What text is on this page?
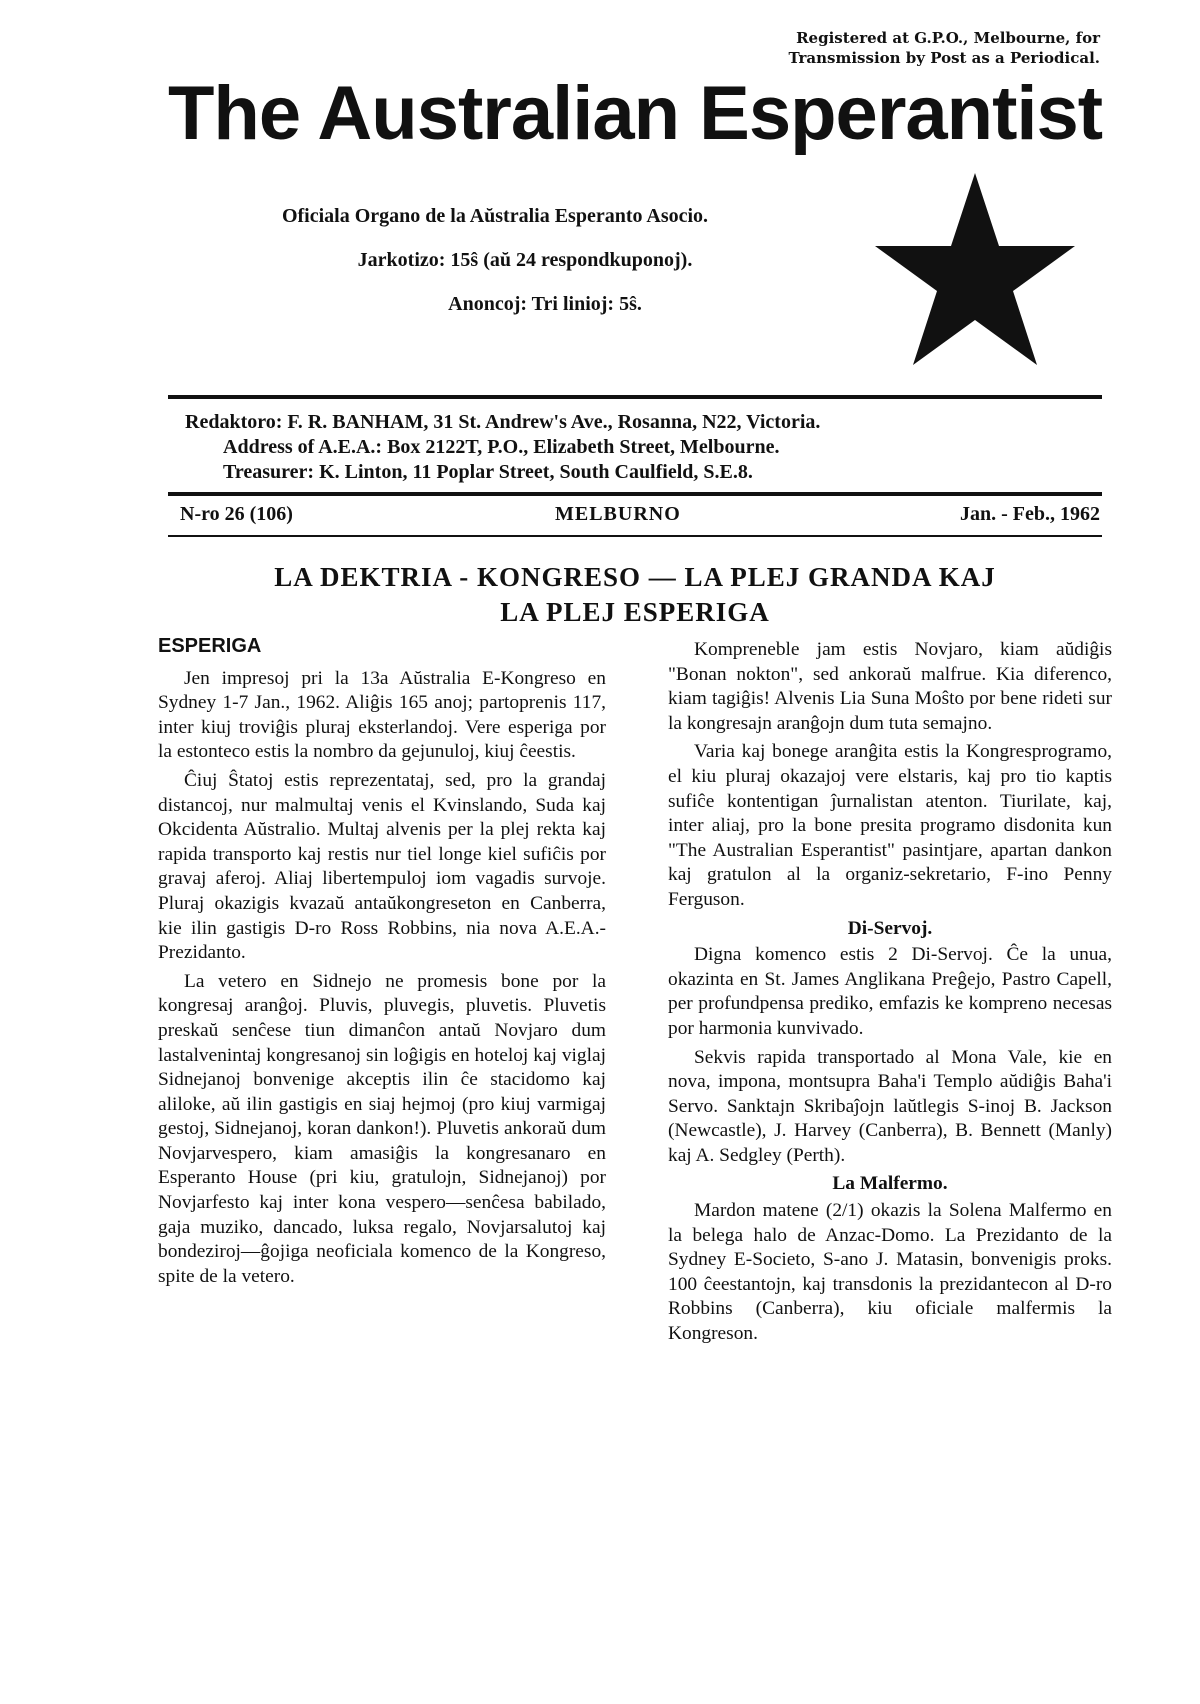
Registered at G.P.O., Melbourne, for
Transmission by Post as a Periodical.
The Australian Esperantist
Oficiala Organo de la Aŭstralia Esperanto Asocio.
Jarkotizo: 15ŝ (aŭ 24 respondkuponoj).
Anoncoj: Tri linioj: 5ŝ.
Redaktoro: F. R. BANHAM, 31 St. Andrew's Ave., Rosanna, N22, Victoria.
Address of A.E.A.: Box 2122T, P.O., Elizabeth Street, Melbourne.
Treasurer: K. Linton, 11 Poplar Street, South Caulfield, S.E.8.
N-ro 26 (106)	MELBURNO	Jan. - Feb., 1962
LA DEKTRIA - KONGRESO — LA PLEJ GRANDA KAJ
LA PLEJ ESPERIGA
ESPERIGA

Jen impresoj pri la 13a Aŭstralia E-Kongreso en Sydney 1-7 Jan., 1962. Aliĝis 165 anoj; partoprenis 117, inter kiuj troviĝis pluraj eksterlandoj. Vere esperiga por la estonteco estis la nombro da gejunuloj, kiuj ĉeestis.

Ĉiuj Ŝtatoj estis reprezentataj, sed, pro la grandaj distancoj, nur malmultaj venis el Kvinslando, Suda kaj Okcidenta Aŭstralio. Multaj alvenis per la plej rekta kaj rapida transporto kaj restis nur tiel longe kiel sufiĉis por gravaj aferoj. Aliaj libertempuloj iom vagadis survoje. Pluraj okazigis kvazaŭ antaŭkongreseton en Canberra, kie ilin gastigis D-ro Ross Robbins, nia nova A.E.A.-Prezidanto.

La vetero en Sidnejo ne promesis bone por la kongresaj aranĝoj. Pluvis, pluvegis, pluvetis. Pluvetis preskaŭ senĉese tiun dimanĉon antaŭ Novjaro dum lastalvenintaj kongresanoj sin loĝigis en hoteloj kaj viglaj Sidnejanoj bonvenige akceptis ilin ĉe stacidomo kaj aliloke, aŭ ilin gastigis en siaj hejmoj (pro kiuj varmigaj gestoj, Sidnejanoj, koran dankon!). Pluvetis ankoraŭ dum Novjarvespero, kiam amasiĝis la kongresanaro en Esperanto House (pri kiu, gratulojn, Sidnejanoj) por Novjarfesto kaj inter kona vespero—senĉesa babilado, gaja muziko, dancado, luksa regalo, Novjarsalutoj kaj bondeziroj—ĝojiga neoficiala komenco de la Kongreso, spite de la vetero.

Kompreneble jam estis Novjaro, kiam aŭdiĝis "Bonan nokton", sed ankoraŭ malfrue. Kia diferenco, kiam tagiĝis! Alvenis Lia Suna Moŝto por bene rideti sur la kongresajn aranĝojn dum tuta semajno.

Varia kaj bonege aranĝita estis la Kongresprogramo, el kiu pluraj okazajoj vere elstaris, kaj pro tio kaptis sufiĉe kontentigan ĵurnalistan atenton. Tiurilate, kaj, inter aliaj, pro la bone presita programo disdonita kun "The Australian Esperantist" pasintjare, apartan dankon kaj gratulon al la organiz-sekretario, F-ino Penny Ferguson.

Di-Servoj.

Digna komenco estis 2 Di-Servoj. Ĉe la unua, okazinta en St. James Anglikana Preĝejo, Pastro Capell, per profundpensa prediko, emfazis ke kompreno necesas por harmonia kunvivado.

Sekvis rapida transportado al Mona Vale, kie en nova, impona, montsupra Baha'i Templo aŭdiĝis Baha'i Servo. Sanktajn Skribaĵojn laŭtlegis S-inoj B. Jackson (Newcastle), J. Harvey (Canberra), B. Bennett (Manly) kaj A. Sedgley (Perth).

La Malfermo.

Mardon matene (2/1) okazis la Solena Malfermo en la belega halo de Anzac-Domo. La Prezidanto de la Sydney E-Societo, S-ano J. Matasin, bonvenigis proks. 100 ĉeestantojn, kaj transdonis la prezidantecon al D-ro Robbins (Canberra), kiu oficiale malfermis la Kongreson.
